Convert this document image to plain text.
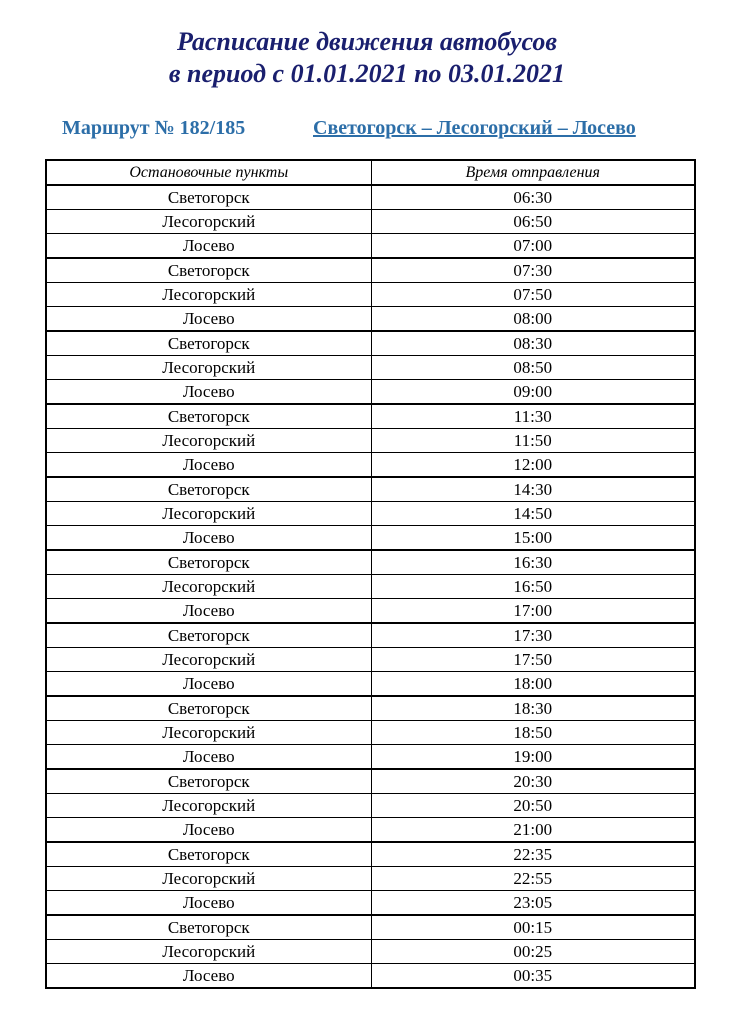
Расписание движения автобусов
в период с 01.01.2021 по 03.01.2021
Маршрут № 182/185	Светогорск – Лесогорский – Лосево
Остановочные пункты	Время отправления
Светогорск	06:30
Лесогорский	06:50
Лосево	07:00
Светогорск	07:30
Лесогорский	07:50
Лосево	08:00
Светогорск	08:30
Лесогорский	08:50
Лосево	09:00
Светогорск	11:30
Лесогорский	11:50
Лосево	12:00
Светогорск	14:30
Лесогорский	14:50
Лосево	15:00
Светогорск	16:30
Лесогорский	16:50
Лосево	17:00
Светогорск	17:30
Лесогорский	17:50
Лосево	18:00
Светогорск	18:30
Лесогорский	18:50
Лосево	19:00
Светогорск	20:30
Лесогорский	20:50
Лосево	21:00
Светогорск	22:35
Лесогорский	22:55
Лосево	23:05
Светогорск	00:15
Лесогорский	00:25
Лосево	00:35
